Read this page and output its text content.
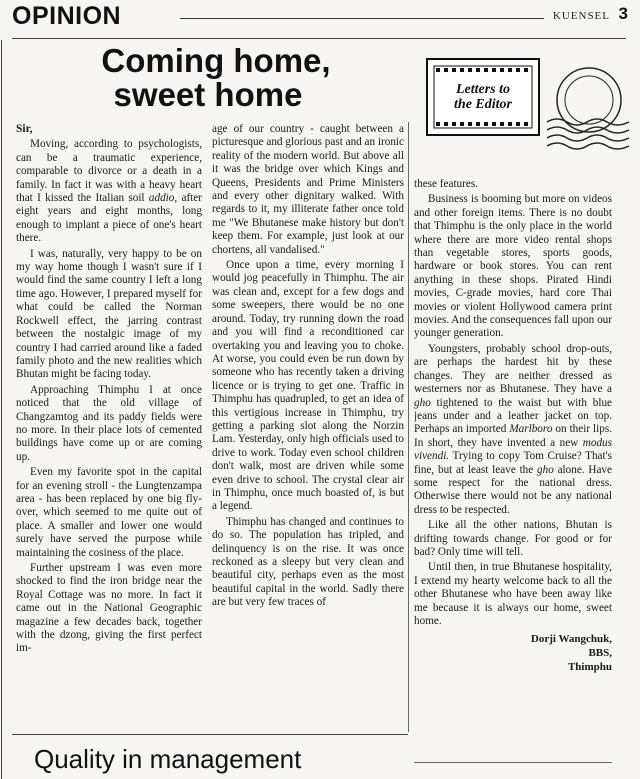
OPINION	KUENSEL 3
Coming home,
sweet home	Letters to
the Editor
Sir,

Moving, according to psychologists, can be a traumatic experience, comparable to divorce or a death in a family. In fact it was with a heavy heart that I kissed the Italian soil addio, after eight years and eight months, long enough to implant a piece of one's heart there.

I was, naturally, very happy to be on my way home though I wasn't sure if I would find the same country I left a long time ago. However, I prepared myself for what could be called the Norman Rockwell effect, the jarring contrast between the nostalgic image of my country I had carried around like a faded family photo and the new realities which Bhutan might be facing today.

Approaching Thimphu I at once noticed that the old village of Changzamtog and its paddy fields were no more. In their place lots of cemented buildings have come up or are coming up.

Even my favorite spot in the capital for an evening stroll - the Lungtenzampa area - has been replaced by one big fly-over, which seemed to me quite out of place. A smaller and lower one would surely have served the purpose while maintaining the cosiness of the place.

Further upstream I was even more shocked to find the iron bridge near the Royal Cottage was no more. In fact it came out in the National Geographic magazine a few decades back, together with the dzong, giving the first perfect im-

age of our country - caught between a picturesque and glorious past and an ironic reality of the modern world. But above all it was the bridge over which Kings and Queens, Presidents and Prime Ministers and every other dignitary walked. With regards to it, my illiterate father once told me "We Bhutanese make history but don't keep them. For example, just look at our chortens, all vandalised."

Once upon a time, every morning I would jog peacefully in Thimphu. The air was clean and, except for a few dogs and some sweepers, there would be no one around. Today, try running down the road and you will find a reconditioned car overtaking you and leaving you to choke. At worse, you could even be run down by someone who has recently taken a driving licence or is trying to get one. Traffic in Thimphu has quadrupled, to get an idea of this vertigious increase in Thimphu, try getting a parking slot along the Norzin Lam. Yesterday, only high officials used to drive to work. Today even school children don't walk, most are driven while some even drive to school. The crystal clear air in Thimphu, once much boasted of, is but a legend.

Thimphu has changed and continues to do so. The population has tripled, and delinquency is on the rise. It was once reckoned as a sleepy but very clean and beautiful city, perhaps even as the most beautiful capital in the world. Sadly there are but very few traces of

these features.

Business is booming but more on videos and other foreign items. There is no doubt that Thimphu is the only place in the world where there are more video rental shops than vegetable stores, sports goods, hardware or book stores. You can rent anything in these shops. Pirated Hindi movies, C-grade movies, hard core Thai movies or violent Hollywood camera print movies. And the consequences fall upon our younger generation.

Youngsters, probably school drop-outs, are perhaps the hardest hit by these changes. They are neither dressed as westerners nor as Bhutanese. They have a gho tightened to the waist but with blue jeans under and a leather jacket on top. Perhaps an imported Marlboro on their lips. In short, they have invented a new modus vivendi. Trying to copy Tom Cruise? That's fine, but at least leave the gho alone. Have some respect for the national dress. Otherwise there would not be any national dress to be respected.

Like all the other nations, Bhutan is drifting towards change. For good or for bad? Only time will tell.

Until then, in true Bhutanese hospitality, I extend my hearty welcome back to all the other Bhutanese who have been away like me because it is always our home, sweet home.

Dorji Wangchuk,
BBS,
Thimphu
Quality in management
